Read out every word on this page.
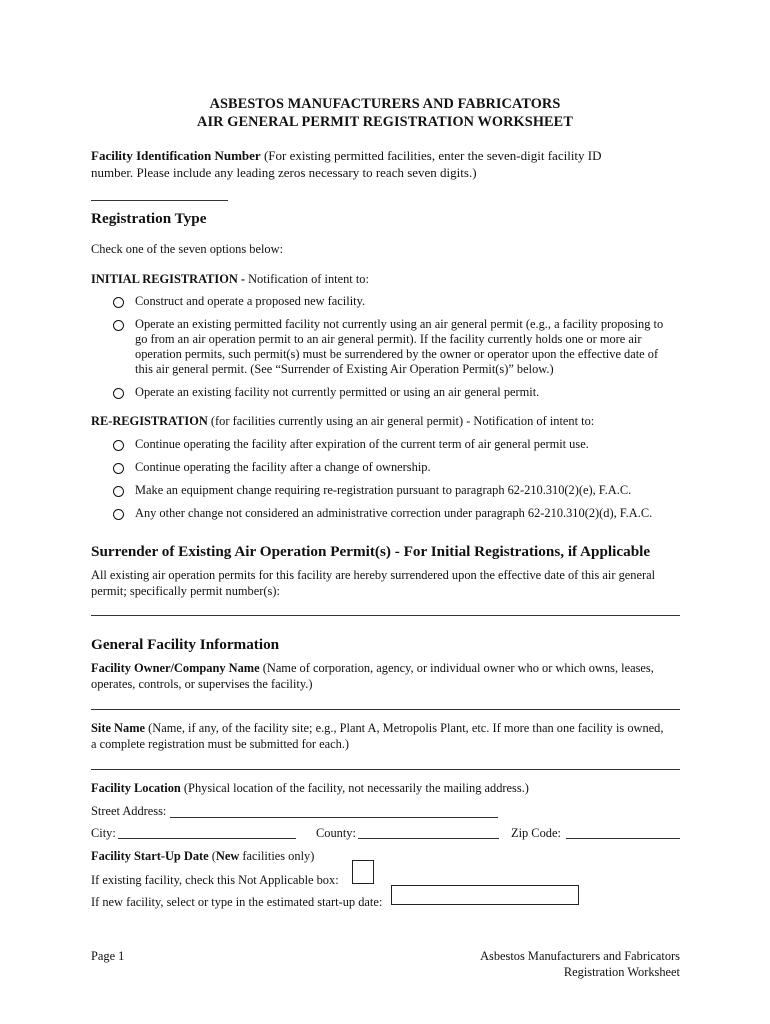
ASBESTOS MANUFACTURERS AND FABRICATORS
AIR GENERAL PERMIT REGISTRATION WORKSHEET
Facility Identification Number (For existing permitted facilities, enter the seven-digit facility ID
number. Please include any leading zeros necessary to reach seven digits.)
Registration Type
Check one of the seven options below:
INITIAL REGISTRATION - Notification of intent to:
Construct and operate a proposed new facility.
Operate an existing permitted facility not currently using an air general permit (e.g., a facility proposing to
go from an air operation permit to an air general permit). If the facility currently holds one or more air
operation permits, such permit(s) must be surrendered by the owner or operator upon the effective date of
this air general permit. (See “Surrender of Existing Air Operation Permit(s)” below.)
Operate an existing facility not currently permitted or using an air general permit.
RE-REGISTRATION (for facilities currently using an air general permit) - Notification of intent to:
Continue operating the facility after expiration of the current term of air general permit use.
Continue operating the facility after a change of ownership.
Make an equipment change requiring re-registration pursuant to paragraph 62-210.310(2)(e), F.A.C.
Any other change not considered an administrative correction under paragraph 62-210.310(2)(d), F.A.C.
Surrender of Existing Air Operation Permit(s) - For Initial Registrations, if Applicable
All existing air operation permits for this facility are hereby surrendered upon the effective date of this air general
permit; specifically permit number(s):
General Facility Information
Facility Owner/Company Name (Name of corporation, agency, or individual owner who or which owns, leases,
operates, controls, or supervises the facility.)
Site Name (Name, if any, of the facility site; e.g., Plant A, Metropolis Plant, etc. If more than one facility is owned,
a complete registration must be submitted for each.)
Facility Location (Physical location of the facility, not necessarily the mailing address.)
Street Address:
City:	County:	Zip Code:
Facility Start-Up Date (New facilities only)
If existing facility, check this Not Applicable box:
If new facility, select or type in the estimated start-up date:
Page 1	Asbestos Manufacturers and Fabricators
Registration Worksheet
